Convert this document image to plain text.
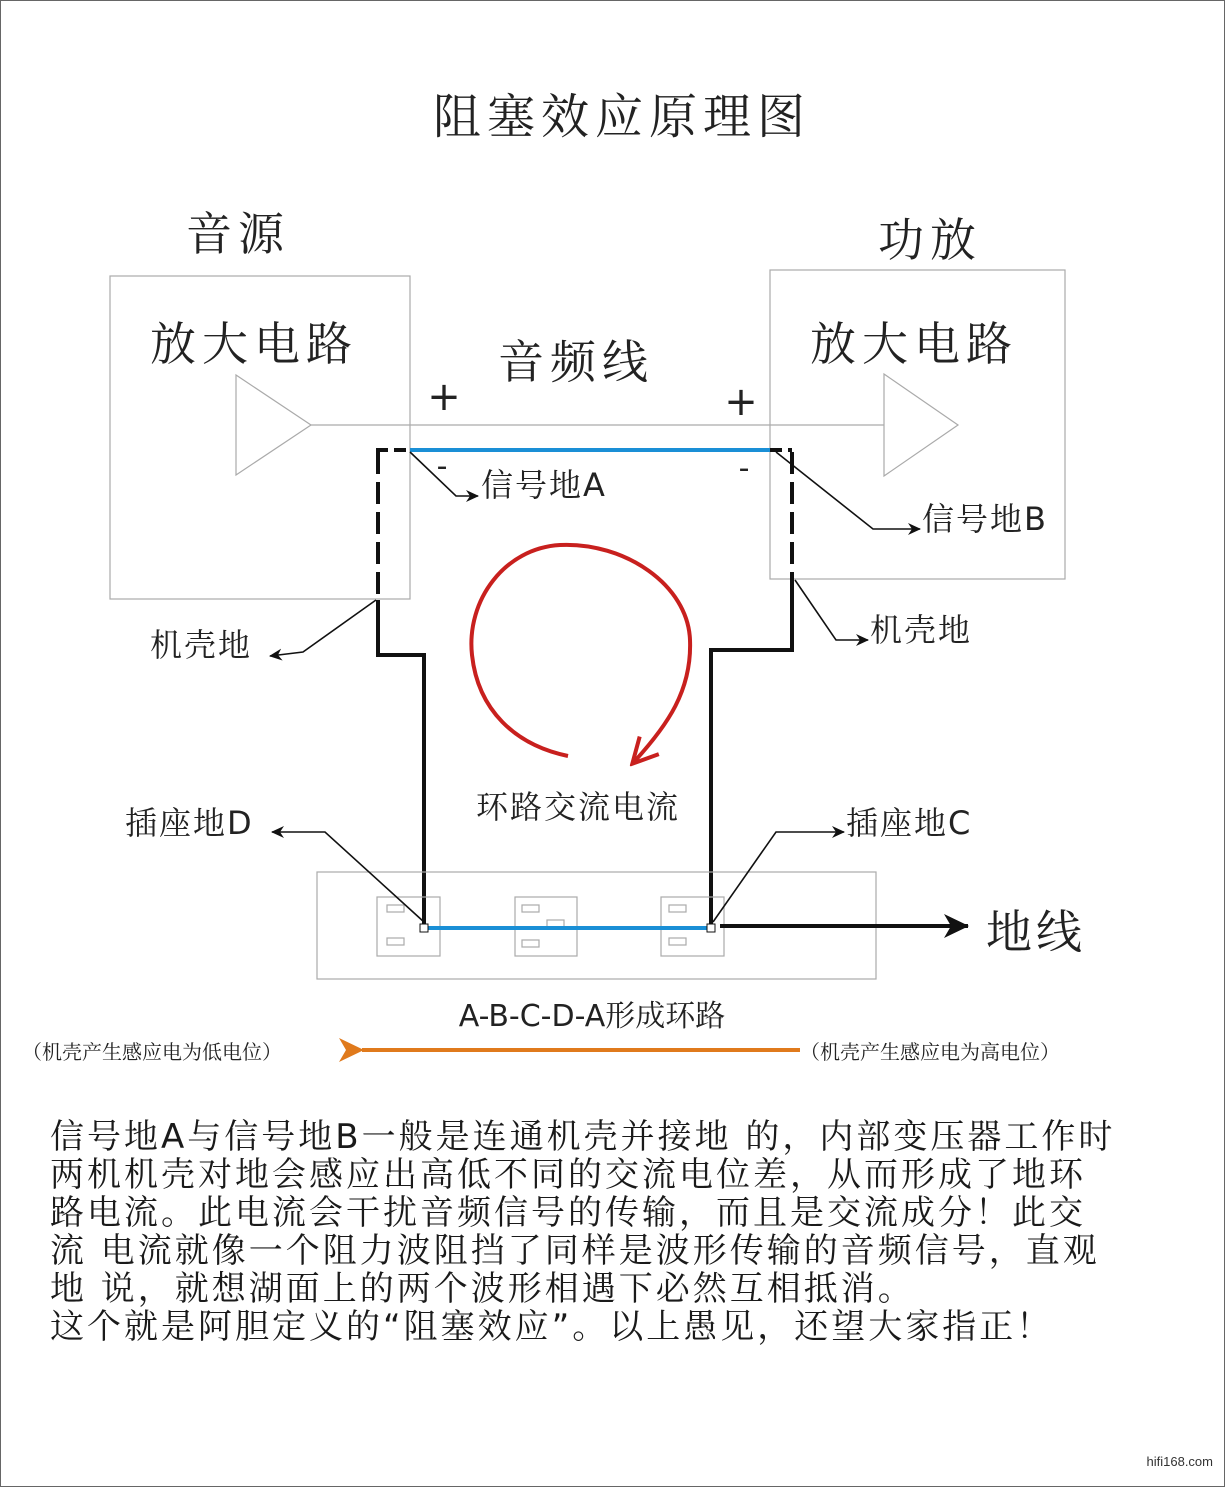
阻塞效应原理图
音源
放大电路
功放
放大电路
音频线
+	+
-	-
地线
信号地A
信号地B
机壳地	机壳地
插座地D	插座地C
环路交流电流
A-B-C-D-A形成环路
（机壳产生感应电为低电位）	（机壳产生感应电为高电位）
信号地A与信号地B一般是连通机壳并接地 的，内部变压器工作时
两机机壳对地会感应出高低不同的交流电位差，从而形成了地环
路电流。此电流会干扰音频信号的传输，而且是交流成分！此交
流 电流就像一个阻力波阻挡了同样是波形传输的音频信号，直观
地 说，就想湖面上的两个波形相遇下必然互相抵消。
这个就是阿胆定义的“阻塞效应”。以上愚见，还望大家指正！
hifi168.com
